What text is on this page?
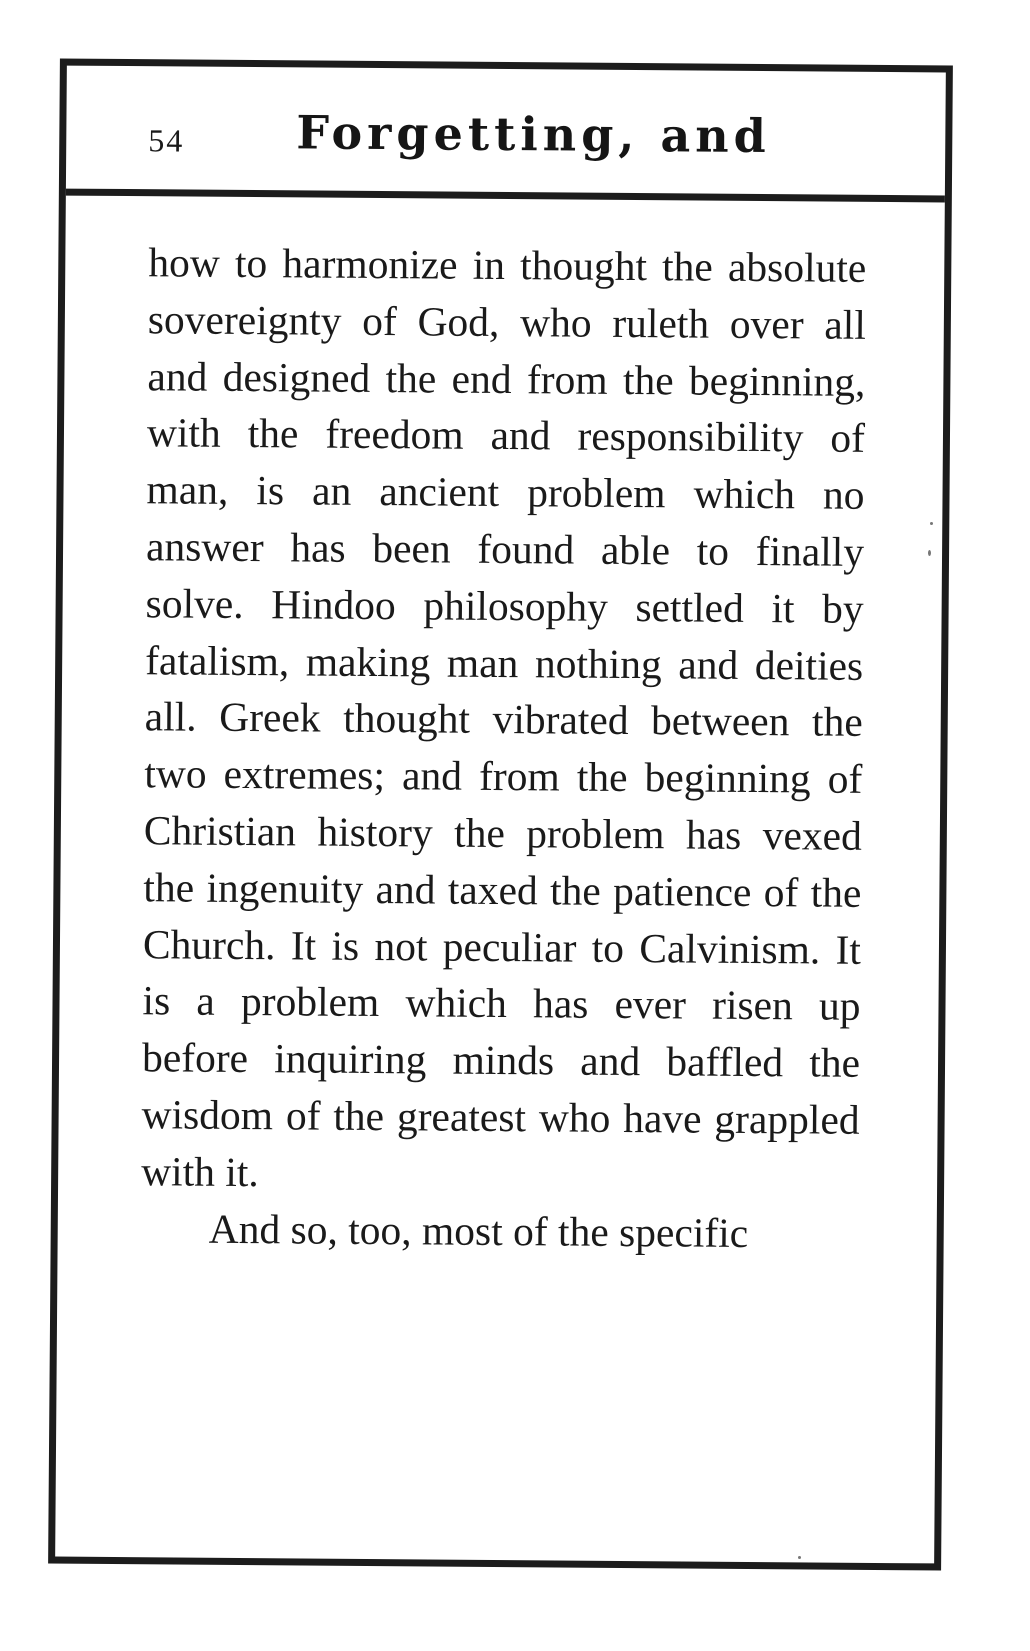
54 Forgetting, and

how to harmonize in thought the absolute sovereignty of God, who ruleth over all and designed the end from the beginning, with the freedom and responsibility of man, is an ancient problem which no answer has been found able to finally solve. Hindoo philosophy settled it by fatalism, making man nothing and deities all. Greek thought vibrated between the two extremes; and from the beginning of Christian history the problem has vexed the ingenuity and taxed the patience of the Church. It is not peculiar to Calvinism. It is a problem which has ever risen up before inquiring minds and baffled the wisdom of the greatest who have grappled with it.

And so, too, most of the specific
